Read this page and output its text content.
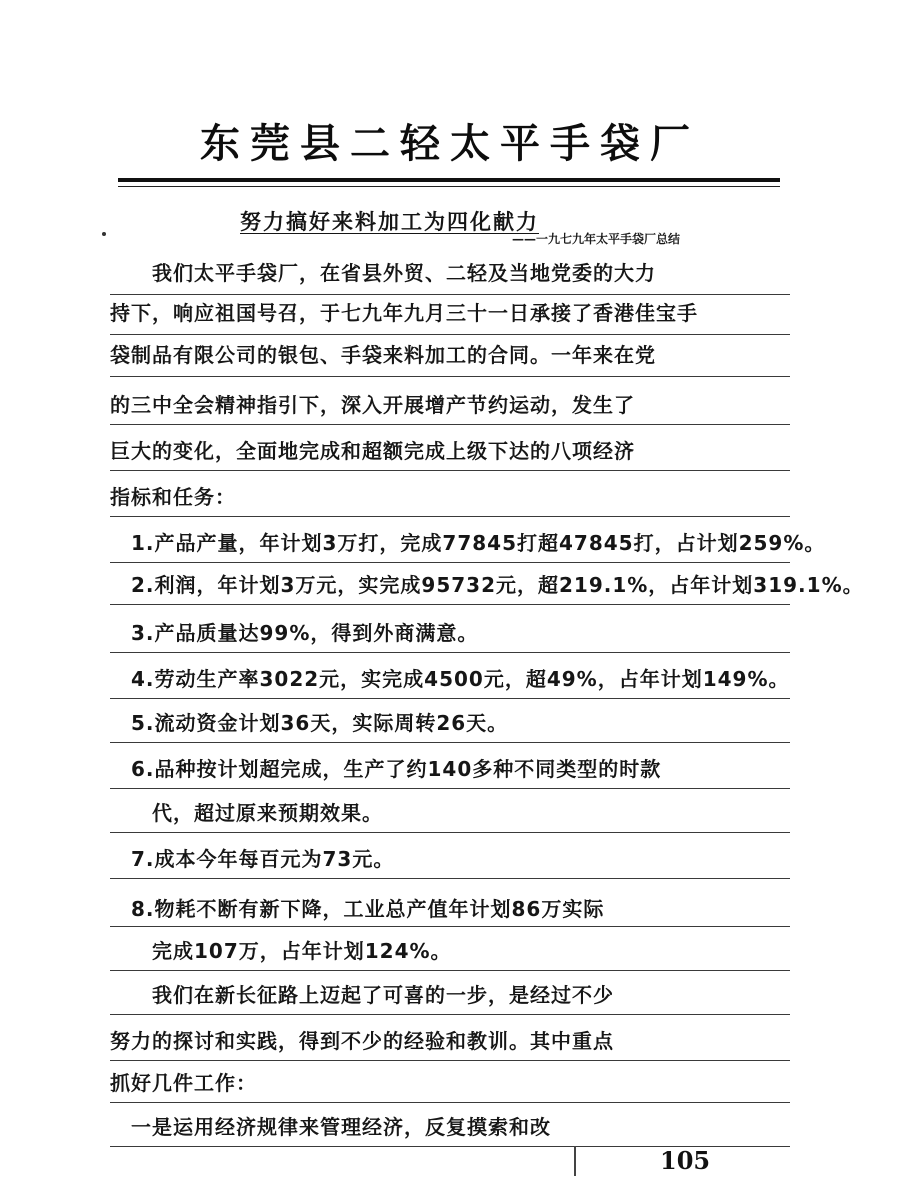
东莞县二轻太平手袋厂
努力搞好来料加工为四化献力
——一九七九年太平手袋厂总结
　　我们太平手袋厂，在省县外贸、二轻及当地党委的大力
持下，响应祖国号召，于七九年九月三十一日承接了香港佳宝手
袋制品有限公司的银包、手袋来料加工的合同。一年来在党
的三中全会精神指引下，深入开展增产节约运动，发生了
巨大的变化，全面地完成和超额完成上级下达的八项经济
指标和任务：
　1.产品产量，年计划3万打，完成77845打超47845打，占计划259%。
　2.利润，年计划3万元，实完成95732元，超219.1%，占年计划319.1%。
　3.产品质量达99%，得到外商满意。
　4.劳动生产率3022元，实完成4500元，超49%，占年计划149%。
　5.流动资金计划36天，实际周转26天。
　6.品种按计划超完成，生产了约140多种不同类型的时款
　　代，超过原来预期效果。
　7.成本今年每百元为73元。
　8.物耗不断有新下降，工业总产值年计划86万实际
　　完成107万，占年计划124%。
　　我们在新长征路上迈起了可喜的一步，是经过不少
努力的探讨和实践，得到不少的经验和教训。其中重点
抓好几件工作：
　一是运用经济规律来管理经济，反复摸索和改
105
